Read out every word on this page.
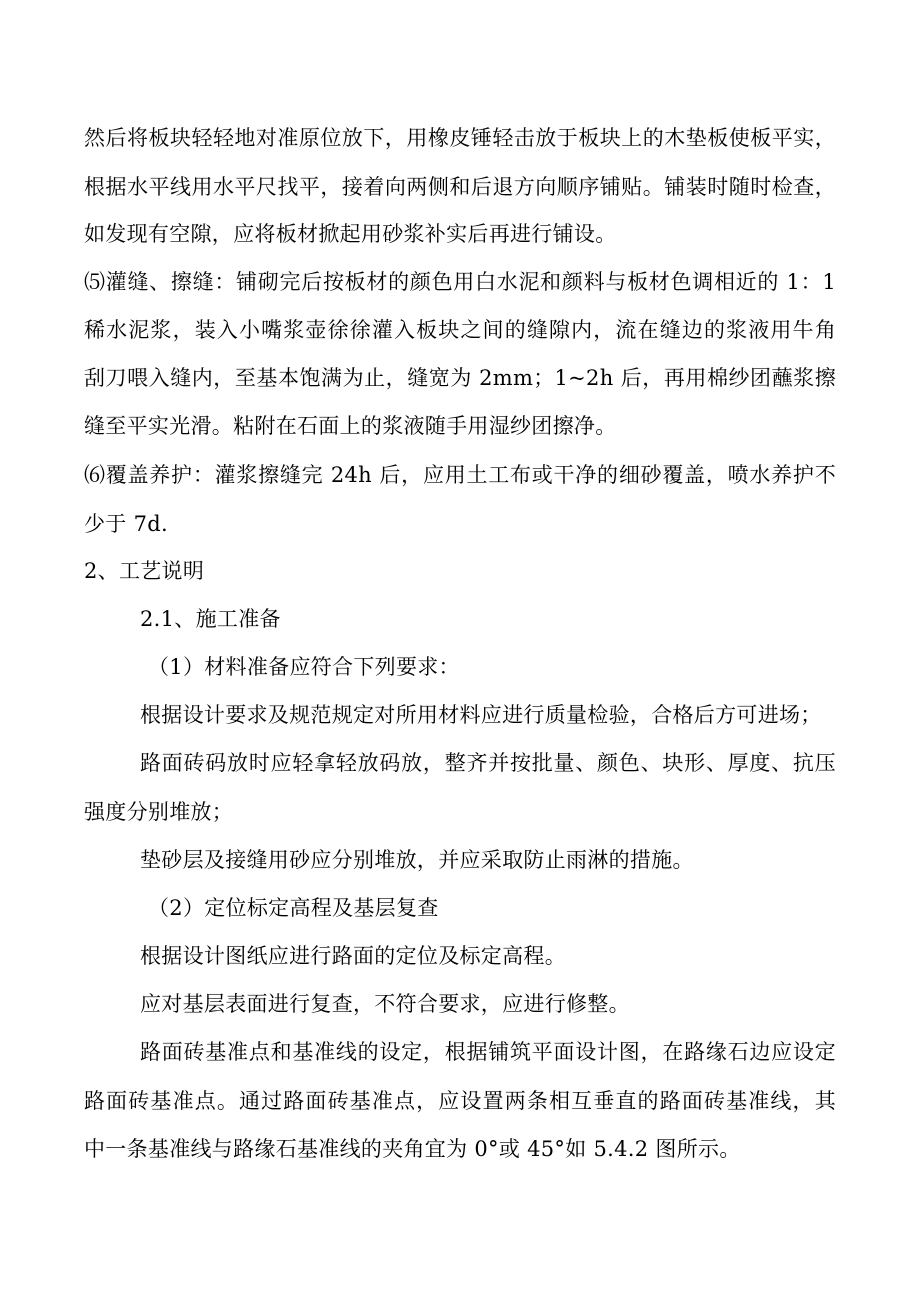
然后将板块轻轻地对准原位放下，用橡皮锤轻击放于板块上的木垫板使板平实，
根据水平线用水平尺找平，接着向两侧和后退方向顺序铺贴。铺装时随时检查，
如发现有空隙，应将板材掀起用砂浆补实后再进行铺设。
⑸灌缝、擦缝：铺砌完后按板材的颜色用白水泥和颜料与板材色调相近的 1：1
稀水泥浆，装入小嘴浆壶徐徐灌入板块之间的缝隙内，流在缝边的浆液用牛角
刮刀喂入缝内，至基本饱满为止，缝宽为 2mm；1~2h 后，再用棉纱团蘸浆擦
缝至平实光滑。粘附在石面上的浆液随手用湿纱团擦净。
⑹覆盖养护：灌浆擦缝完 24h 后，应用土工布或干净的细砂覆盖，喷水养护不
少于 7d.
2、工艺说明
2.1、施工准备
（1）材料准备应符合下列要求：
根据设计要求及规范规定对所用材料应进行质量检验，合格后方可进场；
路面砖码放时应轻拿轻放码放，整齐并按批量、颜色、块形、厚度、抗压
强度分别堆放；
垫砂层及接缝用砂应分别堆放，并应采取防止雨淋的措施。
（2）定位标定高程及基层复查
根据设计图纸应进行路面的定位及标定高程。
应对基层表面进行复查，不符合要求，应进行修整。
路面砖基准点和基准线的设定，根据铺筑平面设计图，在路缘石边应设定
路面砖基准点。通过路面砖基准点，应设置两条相互垂直的路面砖基准线，其
中一条基准线与路缘石基准线的夹角宜为 0°或 45°如 5.4.2 图所示。
